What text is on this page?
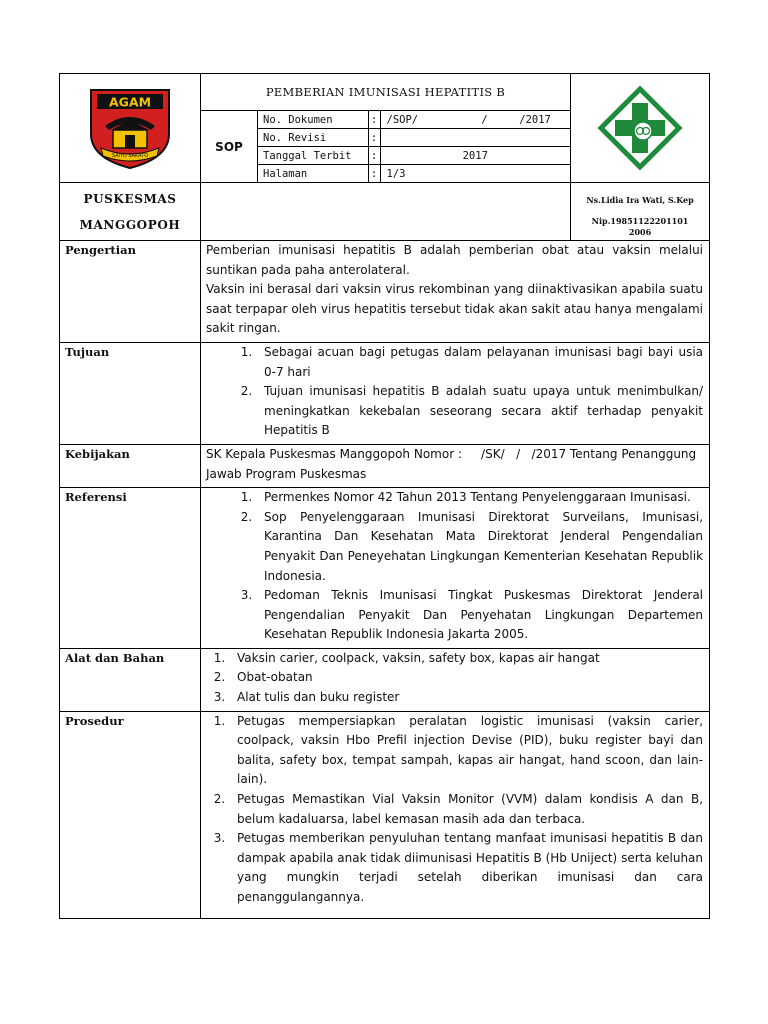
AGAM
SAIYO SAKATO
	PEMBERIAN IMUNISASI HEPATITIS B	

SOP	
No. Dokumen	:	/SOP/          /     /2017
No. Revisi	:	
Tanggal Terbit	:	2017
Halaman	:	1/3

PUSKESMAS
MANGGOPOH

Ns.Lidia Ira Wati, S.Kep
Nip.19851122201101
2006

Pengertian	Pemberian imunisasi hepatitis B adalah pemberian obat atau vaksin melalui suntikan pada paha anterolateral.

Vaksin ini berasal dari vaksin virus rekombinan yang diinaktivasikan apabila suatu saat terpapar oleh virus hepatitis tersebut tidak akan sakit atau hanya mengalami sakit ringan.

Tujuan	
1.Sebagai acuan bagi petugas dalam pelayanan imunisasi bagi bayi usia 0-7 hari
2. Tujuan imunisasi hepatitis B adalah suatu upaya untuk menimbulkan/ meningkatkan kekebalan seseorang secara aktif terhadap penyakit Hepatitis B

Kebijakan	SK Kepala Puskesmas Manggopoh Nomor :     /SK/   /   /2017 Tentang Penanggung Jawab Program Puskesmas

Referensi	
1.Permenkes Nomor 42 Tahun 2013 Tentang Penyelenggaraan Imunisasi.
2. Sop Penyelenggaraan Imunisasi Direktorat Surveilans, Imunisasi, Karantina Dan Kesehatan Mata Direktorat Jenderal Pengendalian Penyakit Dan Peneyehatan Lingkungan Kementerian Kesehatan Republik Indonesia.
3. Pedoman Teknis Imunisasi Tingkat Puskesmas Direktorat Jenderal Pengendalian Penyakit Dan Penyehatan Lingkungan Departemen Kesehatan Republik Indonesia Jakarta 2005.

Alat dan Bahan	
1.Vaksin carier, coolpack, vaksin, safety box, kapas air hangat
2. Obat-obatan
3. Alat tulis dan buku register

Prosedur	
1.Petugas mempersiapkan peralatan logistic imunisasi (vaksin carier, coolpack, vaksin Hbo Prefil injection Devise (PID), buku register bayi dan balita, safety box, tempat sampah, kapas air hangat, hand scoon, dan lain-lain).
2. Petugas Memastikan Vial Vaksin Monitor (VVM) dalam kondisis A dan B, belum kadaluarsa, label kemasan masih ada dan terbaca.
3. Petugas memberikan penyuluhan tentang manfaat imunisasi hepatitis B dan dampak apabila anak tidak diimunisasi Hepatitis B (Hb Uniject) serta keluhan yang mungkin terjadi setelah diberikan imunisasi dan cara penanggulangannya.
